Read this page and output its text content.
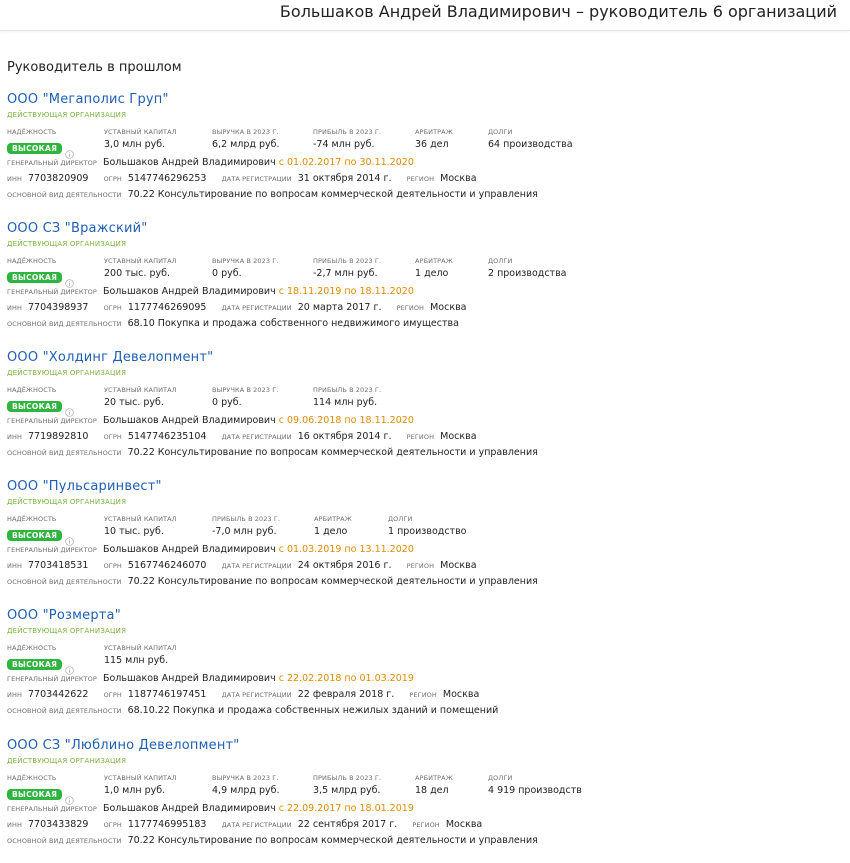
Большаков Андрей Владимирович – руководитель 6 организаций
Руководитель в прошлом
ООО "Мегаполис Груп"
ДЕЙСТВУЮЩАЯ ОРГАНИЗАЦИЯ
НАДЁЖНОСТЬ
ВЫСОКАЯ
УСТАВНЫЙ КАПИТАЛ
3,0 млн руб.
ВЫРУЧКА В 2023 Г.
6,2 млрд руб.
ПРИБЫЛЬ В 2023 Г.
-74 млн руб.
АРБИТРАЖ
36 дел
ДОЛГИ
64 производства
ГЕНЕРАЛЬНЫЙ ДИРЕКТОР Большаков Андрей Владимирович с 01.02.2017 по 30.11.2020
ИНН 7703820909 ОГРН 5147746296253 ДАТА РЕГИСТРАЦИИ 31 октября 2014 г. РЕГИОН Москва
ОСНОВНОЙ ВИД ДЕЯТЕЛЬНОСТИ 70.22 Консультирование по вопросам коммерческой деятельности и управления
ООО СЗ "Вражский"
ДЕЙСТВУЮЩАЯ ОРГАНИЗАЦИЯ
НАДЁЖНОСТЬ
ВЫСОКАЯ
УСТАВНЫЙ КАПИТАЛ
200 тыс. руб.
ВЫРУЧКА В 2023 Г.
0 руб.
ПРИБЫЛЬ В 2023 Г.
-2,7 млн руб.
АРБИТРАЖ
1 дело
ДОЛГИ
2 производства
ГЕНЕРАЛЬНЫЙ ДИРЕКТОР Большаков Андрей Владимирович с 18.11.2019 по 18.11.2020
ИНН 7704398937 ОГРН 1177746269095 ДАТА РЕГИСТРАЦИИ 20 марта 2017 г. РЕГИОН Москва
ОСНОВНОЙ ВИД ДЕЯТЕЛЬНОСТИ 68.10 Покупка и продажа собственного недвижимого имущества
ООО "Холдинг Девелопмент"
ДЕЙСТВУЮЩАЯ ОРГАНИЗАЦИЯ
НАДЁЖНОСТЬ
ВЫСОКАЯ
УСТАВНЫЙ КАПИТАЛ
20 тыс. руб.
ВЫРУЧКА В 2023 Г.
0 руб.
ПРИБЫЛЬ В 2023 Г.
114 млн руб.
ГЕНЕРАЛЬНЫЙ ДИРЕКТОР Большаков Андрей Владимирович с 09.06.2018 по 18.11.2020
ИНН 7719892810 ОГРН 5147746235104 ДАТА РЕГИСТРАЦИИ 16 октября 2014 г. РЕГИОН Москва
ОСНОВНОЙ ВИД ДЕЯТЕЛЬНОСТИ 70.22 Консультирование по вопросам коммерческой деятельности и управления
ООО "Пульсаринвест"
ДЕЙСТВУЮЩАЯ ОРГАНИЗАЦИЯ
НАДЁЖНОСТЬ
ВЫСОКАЯ
УСТАВНЫЙ КАПИТАЛ
10 тыс. руб.
ПРИБЫЛЬ В 2023 Г.
-7,0 млн руб.
АРБИТРАЖ
1 дело
ДОЛГИ
1 производство
ГЕНЕРАЛЬНЫЙ ДИРЕКТОР Большаков Андрей Владимирович с 01.03.2019 по 13.11.2020
ИНН 7703418531 ОГРН 5167746246070 ДАТА РЕГИСТРАЦИИ 24 октября 2016 г. РЕГИОН Москва
ОСНОВНОЙ ВИД ДЕЯТЕЛЬНОСТИ 70.22 Консультирование по вопросам коммерческой деятельности и управления
ООО "Розмерта"
ДЕЙСТВУЮЩАЯ ОРГАНИЗАЦИЯ
НАДЁЖНОСТЬ
ВЫСОКАЯ
УСТАВНЫЙ КАПИТАЛ
115 млн руб.
ГЕНЕРАЛЬНЫЙ ДИРЕКТОР Большаков Андрей Владимирович с 22.02.2018 по 01.03.2019
ИНН 7703442622 ОГРН 1187746197451 ДАТА РЕГИСТРАЦИИ 22 февраля 2018 г. РЕГИОН Москва
ОСНОВНОЙ ВИД ДЕЯТЕЛЬНОСТИ 68.10.22 Покупка и продажа собственных нежилых зданий и помещений
ООО СЗ "Люблино Девелопмент"
ДЕЙСТВУЮЩАЯ ОРГАНИЗАЦИЯ
НАДЁЖНОСТЬ
ВЫСОКАЯ
УСТАВНЫЙ КАПИТАЛ
1,0 млн руб.
ВЫРУЧКА В 2023 Г.
4,9 млрд руб.
ПРИБЫЛЬ В 2023 Г.
3,5 млрд руб.
АРБИТРАЖ
18 дел
ДОЛГИ
4 919 производств
ГЕНЕРАЛЬНЫЙ ДИРЕКТОР Большаков Андрей Владимирович с 22.09.2017 по 18.01.2019
ИНН 7703433829 ОГРН 1177746995183 ДАТА РЕГИСТРАЦИИ 22 сентября 2017 г. РЕГИОН Москва
ОСНОВНОЙ ВИД ДЕЯТЕЛЬНОСТИ 70.22 Консультирование по вопросам коммерческой деятельности и управления
